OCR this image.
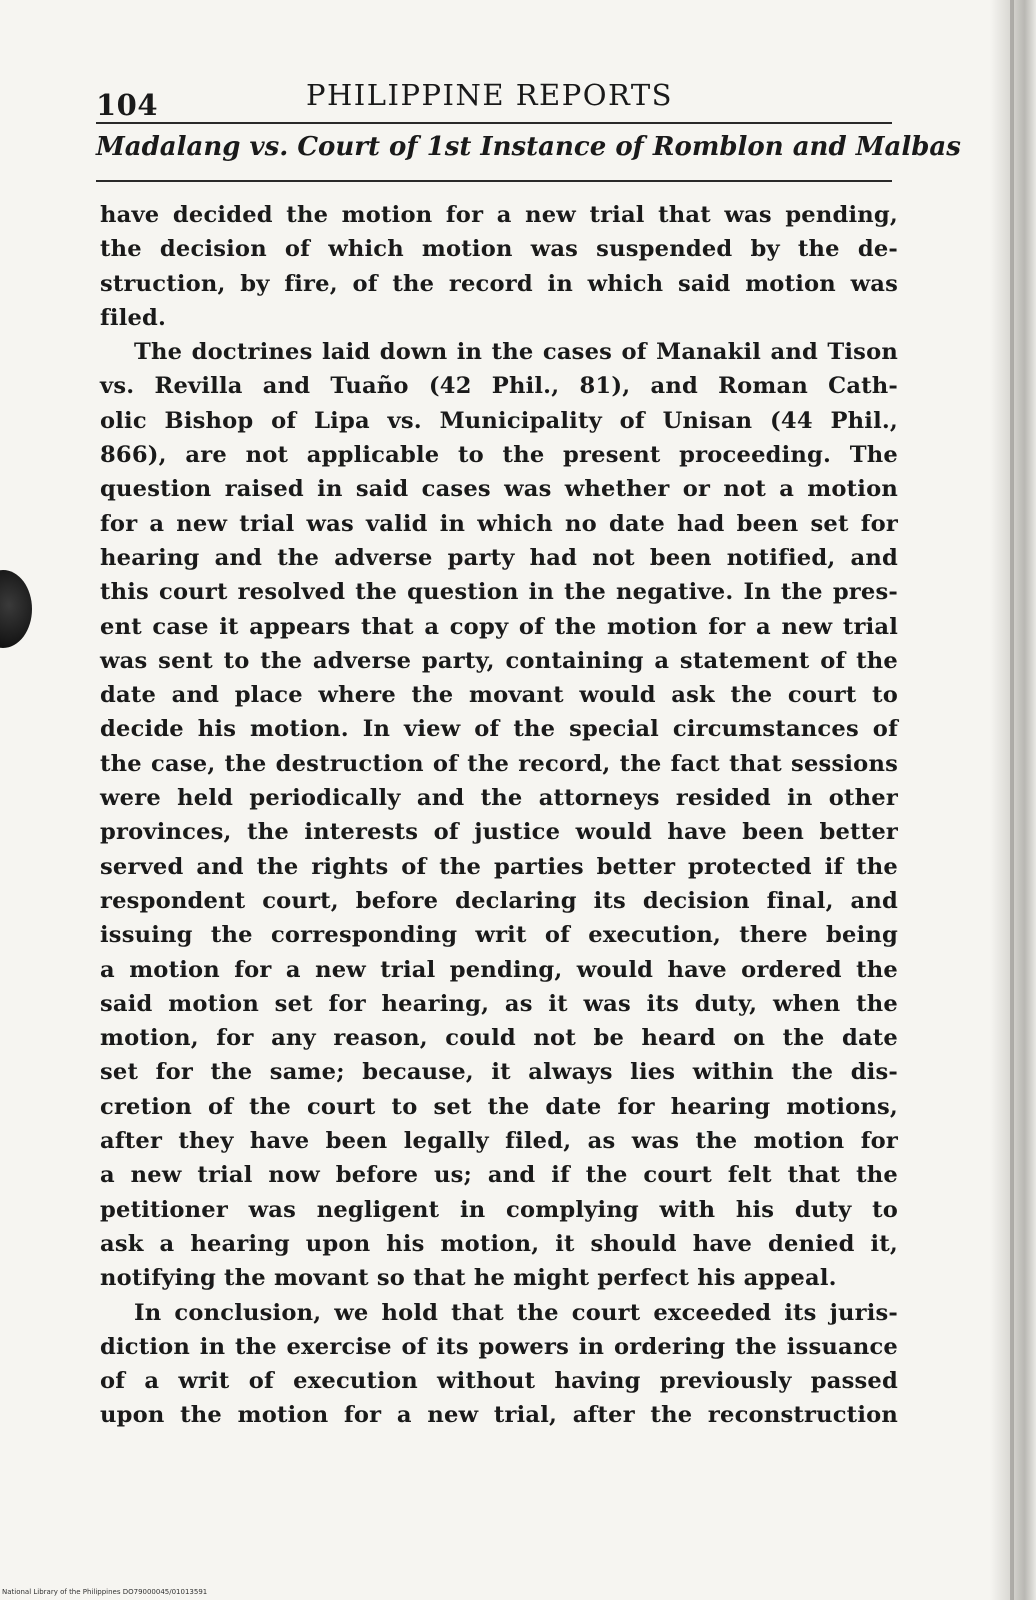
104	PHILIPPINE REPORTS
Madalang vs. Court of 1st Instance of Romblon and Malbas
have decided the motion for a new trial that was pending,
the decision of which motion was suspended by the de-
struction, by fire, of the record in which said motion was
filed.
The doctrines laid down in the cases of Manakil and Tison
vs. Revilla and Tuaño (42 Phil., 81), and Roman Cath-
olic Bishop of Lipa vs. Municipality of Unisan (44 Phil.,
866), are not applicable to the present proceeding. The
question raised in said cases was whether or not a motion
for a new trial was valid in which no date had been set for
hearing and the adverse party had not been notified, and
this court resolved the question in the negative. In the pres-
ent case it appears that a copy of the motion for a new trial
was sent to the adverse party, containing a statement of the
date and place where the movant would ask the court to
decide his motion. In view of the special circumstances of
the case, the destruction of the record, the fact that sessions
were held periodically and the attorneys resided in other
provinces, the interests of justice would have been better
served and the rights of the parties better protected if the
respondent court, before declaring its decision final, and
issuing the corresponding writ of execution, there being
a motion for a new trial pending, would have ordered the
said motion set for hearing, as it was its duty, when the
motion, for any reason, could not be heard on the date
set for the same; because, it always lies within the dis-
cretion of the court to set the date for hearing motions,
after they have been legally filed, as was the motion for
a new trial now before us; and if the court felt that the
petitioner was negligent in complying with his duty to
ask a hearing upon his motion, it should have denied it,
notifying the movant so that he might perfect his appeal.
In conclusion, we hold that the court exceeded its juris-
diction in the exercise of its powers in ordering the issuance
of a writ of execution without having previously passed
upon the motion for a new trial, after the reconstruction
National Library of the Philippines DO79000045/01013591
